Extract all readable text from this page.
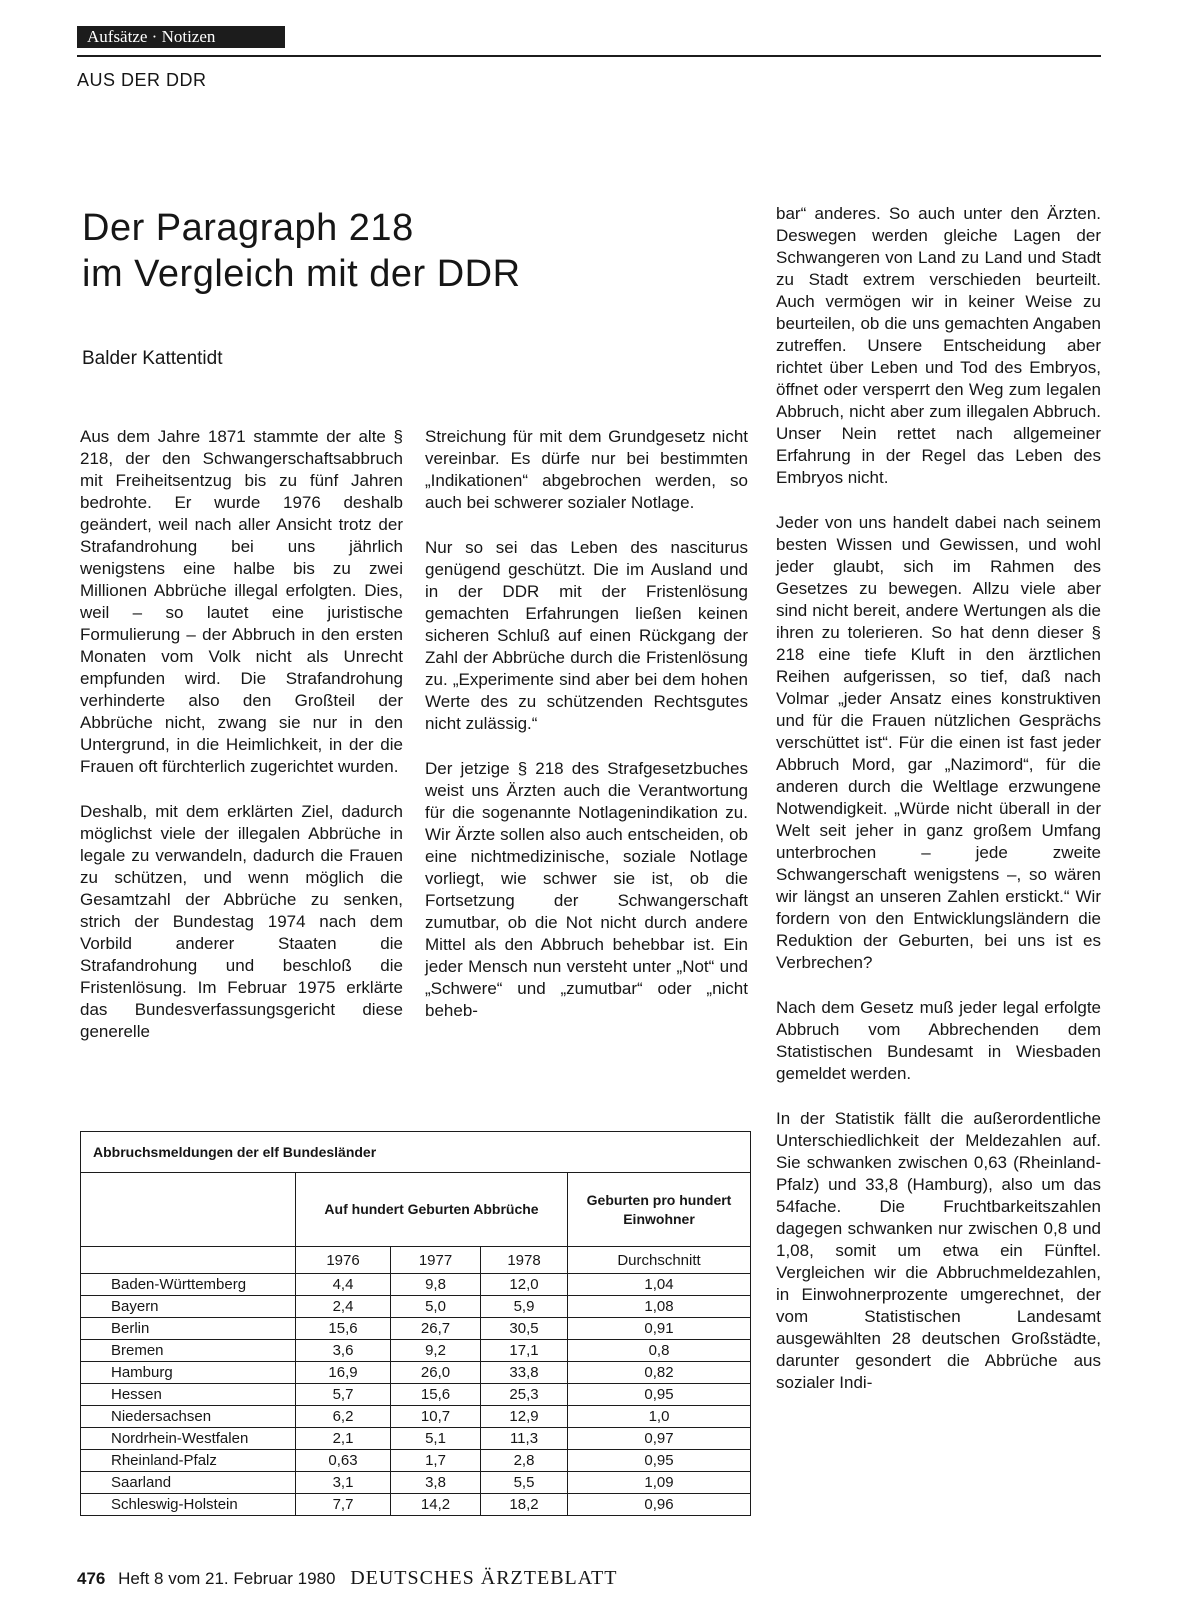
Aufsätze · Notizen
AUS DER DDR
Der Paragraph 218
im Vergleich mit der DDR
Balder Kattentidt

Aus dem Jahre 1871 stammte der alte § 218, der den Schwangerschaftsabbruch mit Freiheitsentzug bis zu fünf Jahren bedrohte. Er wurde 1976 deshalb geändert, weil nach aller Ansicht trotz der Strafandrohung bei uns jährlich wenigstens eine halbe bis zu zwei Millionen Abbrüche illegal erfolgten. Dies, weil – so lautet eine juristische Formulierung – der Abbruch in den ersten Monaten vom Volk nicht als Unrecht empfunden wird. Die Strafandrohung verhinderte also den Großteil der Abbrüche nicht, zwang sie nur in den Untergrund, in die Heimlichkeit, in der die Frauen oft fürchterlich zugerichtet wurden.

Deshalb, mit dem erklärten Ziel, dadurch möglichst viele der illegalen Abbrüche in legale zu verwandeln, dadurch die Frauen zu schützen, und wenn möglich die Gesamtzahl der Abbrüche zu senken, strich der Bundestag 1974 nach dem Vorbild anderer Staaten die Strafandrohung und beschloß die Fristenlösung. Im Februar 1975 erklärte das Bundesverfassungsgericht diese generelle

Streichung für mit dem Grundgesetz nicht vereinbar. Es dürfe nur bei bestimmten „Indikationen“ abgebrochen werden, so auch bei schwerer sozialer Notlage.

Nur so sei das Leben des nasciturus genügend geschützt. Die im Ausland und in der DDR mit der Fristenlösung gemachten Erfahrungen ließen keinen sicheren Schluß auf einen Rückgang der Zahl der Abbrüche durch die Fristenlösung zu. „Experimente sind aber bei dem hohen Werte des zu schützenden Rechtsgutes nicht zulässig.“

Der jetzige § 218 des Strafgesetzbuches weist uns Ärzten auch die Verantwortung für die sogenannte Notlagenindikation zu. Wir Ärzte sollen also auch entscheiden, ob eine nichtmedizinische, soziale Notlage vorliegt, wie schwer sie ist, ob die Fortsetzung der Schwangerschaft zumutbar, ob die Not nicht durch andere Mittel als den Abbruch behebbar ist. Ein jeder Mensch nun versteht unter „Not“ und „Schwere“ und „zumutbar“ oder „nicht beheb-

bar“ anderes. So auch unter den Ärzten. Deswegen werden gleiche Lagen der Schwangeren von Land zu Land und Stadt zu Stadt extrem verschieden beurteilt. Auch vermögen wir in keiner Weise zu beurteilen, ob die uns gemachten Angaben zutreffen. Unsere Entscheidung aber richtet über Leben und Tod des Embryos, öffnet oder versperrt den Weg zum legalen Abbruch, nicht aber zum illegalen Abbruch. Unser Nein rettet nach allgemeiner Erfahrung in der Regel das Leben des Embryos nicht.

Jeder von uns handelt dabei nach seinem besten Wissen und Gewissen, und wohl jeder glaubt, sich im Rahmen des Gesetzes zu bewegen. Allzu viele aber sind nicht bereit, andere Wertungen als die ihren zu tolerieren. So hat denn dieser § 218 eine tiefe Kluft in den ärztlichen Reihen aufgerissen, so tief, daß nach Volmar „jeder Ansatz eines konstruktiven und für die Frauen nützlichen Gesprächs verschüttet ist“. Für die einen ist fast jeder Abbruch Mord, gar „Nazimord“, für die anderen durch die Weltlage erzwungene Notwendigkeit. „Würde nicht überall in der Welt seit jeher in ganz großem Umfang unterbrochen – jede zweite Schwangerschaft wenigstens –, so wären wir längst an unseren Zahlen erstickt.“ Wir fordern von den Entwicklungsländern die Reduktion der Geburten, bei uns ist es Verbrechen?

Nach dem Gesetz muß jeder legal erfolgte Abbruch vom Abbrechenden dem Statistischen Bundesamt in Wiesbaden gemeldet werden.

In der Statistik fällt die außerordentliche Unterschiedlichkeit der Meldezahlen auf. Sie schwanken zwischen 0,63 (Rheinland-Pfalz) und 33,8 (Hamburg), also um das 54fache. Die Fruchtbarkeitszahlen dagegen schwanken nur zwischen 0,8 und 1,08, somit um etwa ein Fünftel. Vergleichen wir die Abbruchmeldezahlen, in Einwohnerprozente umgerechnet, der vom Statistischen Landesamt ausgewählten 28 deutschen Großstädte, darunter gesondert die Abbrüche aus sozialer Indi-

Abbruchsmeldungen der elf Bundesländer				
	Auf hundert Geburten Abbrüche			Geburten pro hundert Einwohner
	1976	1977	1978	Durchschnitt
Baden-Württemberg	4,4	9,8	12,0	1,04
Bayern	2,4	5,0	5,9	1,08
Berlin	15,6	26,7	30,5	0,91
Bremen	3,6	9,2	17,1	0,8
Hamburg	16,9	26,0	33,8	0,82
Hessen	5,7	15,6	25,3	0,95
Niedersachsen	6,2	10,7	12,9	1,0
Nordrhein-Westfalen	2,1	5,1	11,3	0,97
Rheinland-Pfalz	0,63	1,7	2,8	0,95
Saarland	3,1	3,8	5,5	1,09
Schleswig-Holstein	7,7	14,2	18,2	0,96
476 Heft 8 vom 21. Februar 1980 DEUTSCHES ÄRZTEBLATT
